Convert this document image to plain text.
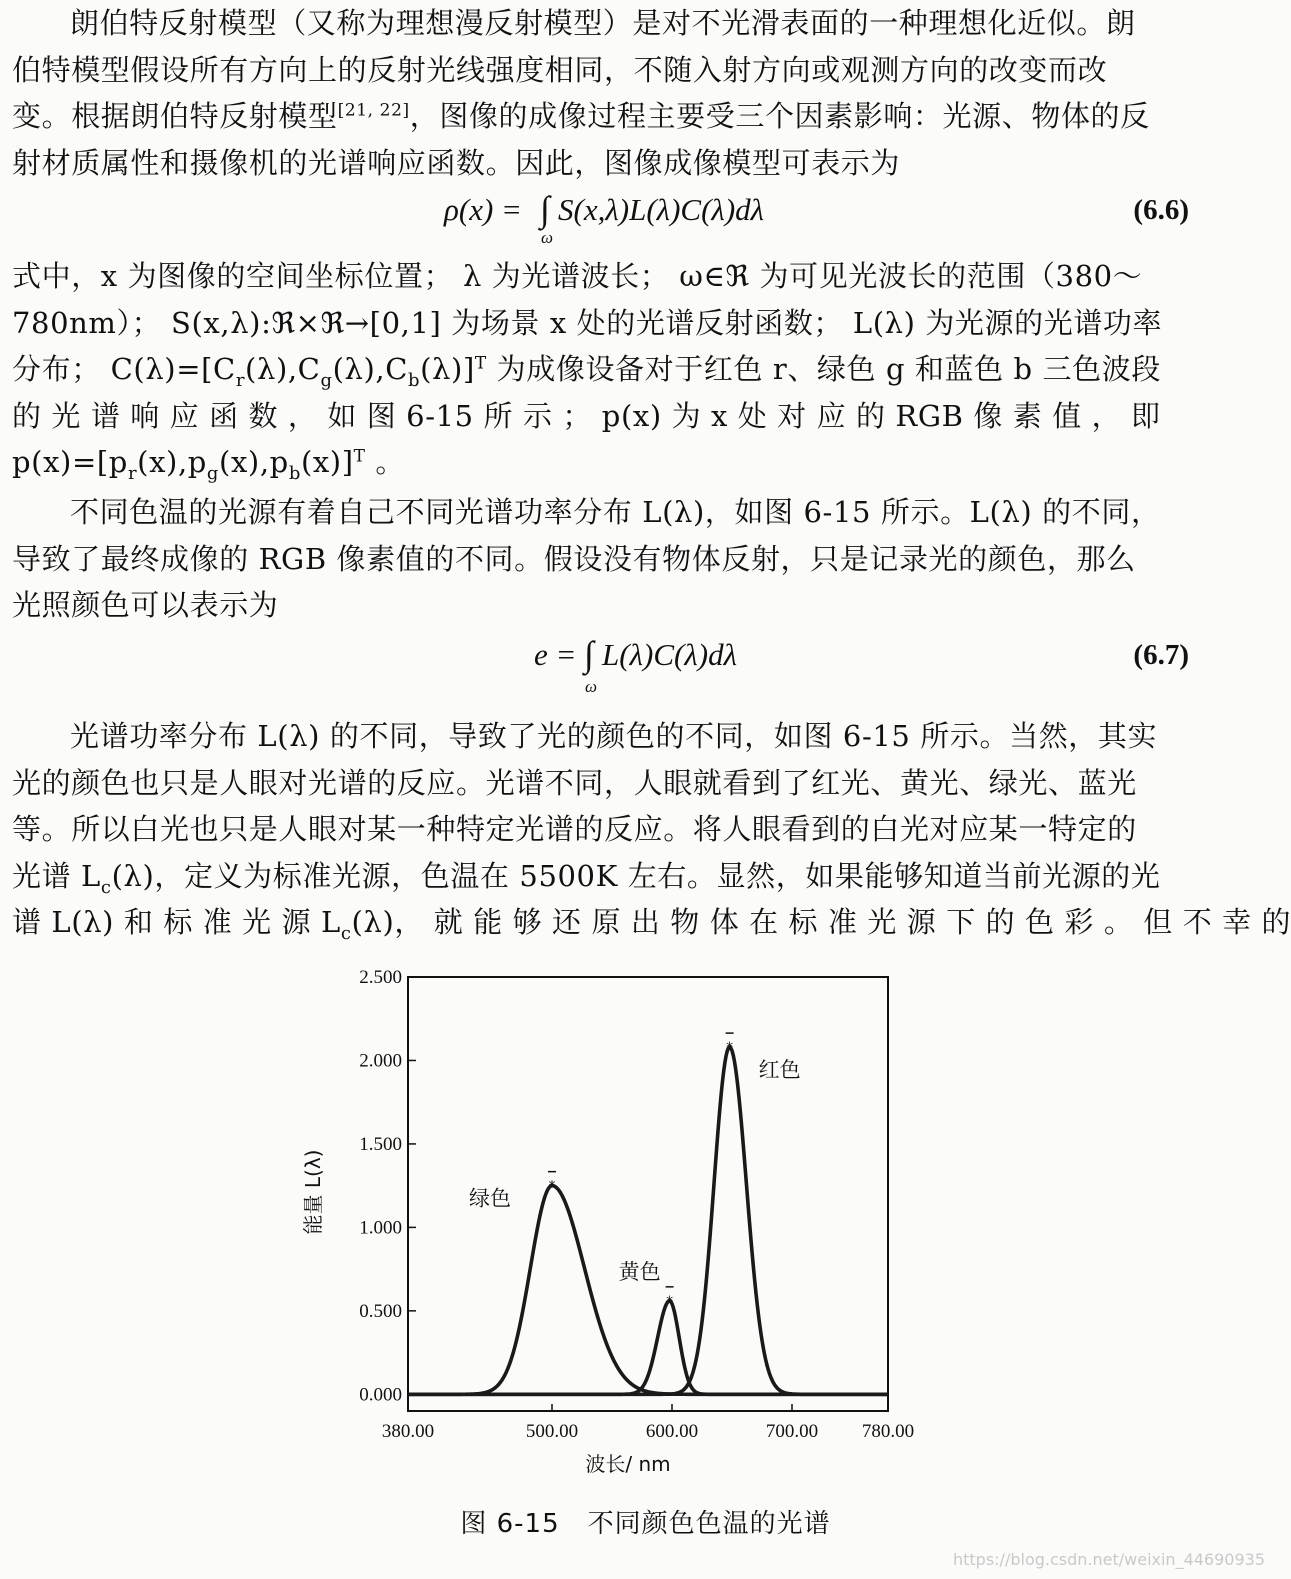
朗伯特反射模型（又称为理想漫反射模型）是对不光滑表面的一种理想化近似。朗
伯特模型假设所有方向上的反射光线强度相同，不随入射方向或观测方向的改变而改
变。根据朗伯特反射模型[21, 22]，图像的成像过程主要受三个因素影响：光源、物体的反
射材质属性和摄像机的光谱响应函数。因此，图像成像模型可表示为

ρ(x) = ∫
ω
S(x,λ)L(λ)C(λ)dλ	(6.6)

式中，x 为图像的空间坐标位置； λ 为光谱波长； ω∈ℜ 为可见光波长的范围（380～
780nm）； S(x,λ):ℜ×ℜ→[0,1] 为场景 x 处的光谱反射函数； L(λ) 为光源的光谱功率
分布； $C(\lambda)=[C_r(\lambda),C_g(\lambda),C_b(\lambda)]^T$ 为成像设备对于红色 r、绿色 g 和蓝色 b 三色波段
的 光 谱 响 应 函 数 ， 如 图 6-15 所 示 ； p(x) 为 x 处 对 应 的 RGB 像 素 值 ， 即
$p(x)=[p_r(x),p_g(x),p_b(x)]^T$ 。

不同色温的光源有着自己不同光谱功率分布 L(λ)，如图 6-15 所示。L(λ) 的不同，
导致了最终成像的 RGB 像素值的不同。假设没有物体反射，只是记录光的颜色，那么
光照颜色可以表示为

e = ∫
ω
L(λ)C(λ)dλ	(6.7)

光谱功率分布 L(λ) 的不同，导致了光的颜色的不同，如图 6-15 所示。当然，其实
光的颜色也只是人眼对光谱的反应。光谱不同，人眼就看到了红光、黄光、绿光、蓝光
等。所以白光也只是人眼对某一种特定光谱的反应。将人眼看到的白光对应某一特定的
光谱 $L_c(\lambda)$，定义为标准光源，色温在 5500K 左右。显然，如果能够知道当前光源的光
谱 L(λ) 和 标 准 光 源 $L_c(\lambda)$， 就 能 够 还 原 出 物 体 在 标 准 光 源 下 的 色 彩 。 但 不 幸 的

0.000
0.500
1.000
1.500
2.000
2.500
380.00	500.00	600.00	700.00 780.00
波长/ nm
能量 L(λ)	*
绿色
*
黄色
*
红色
图 6-15 不同颜色色温的光谱
https://blog.csdn.net/weixin_44690935
